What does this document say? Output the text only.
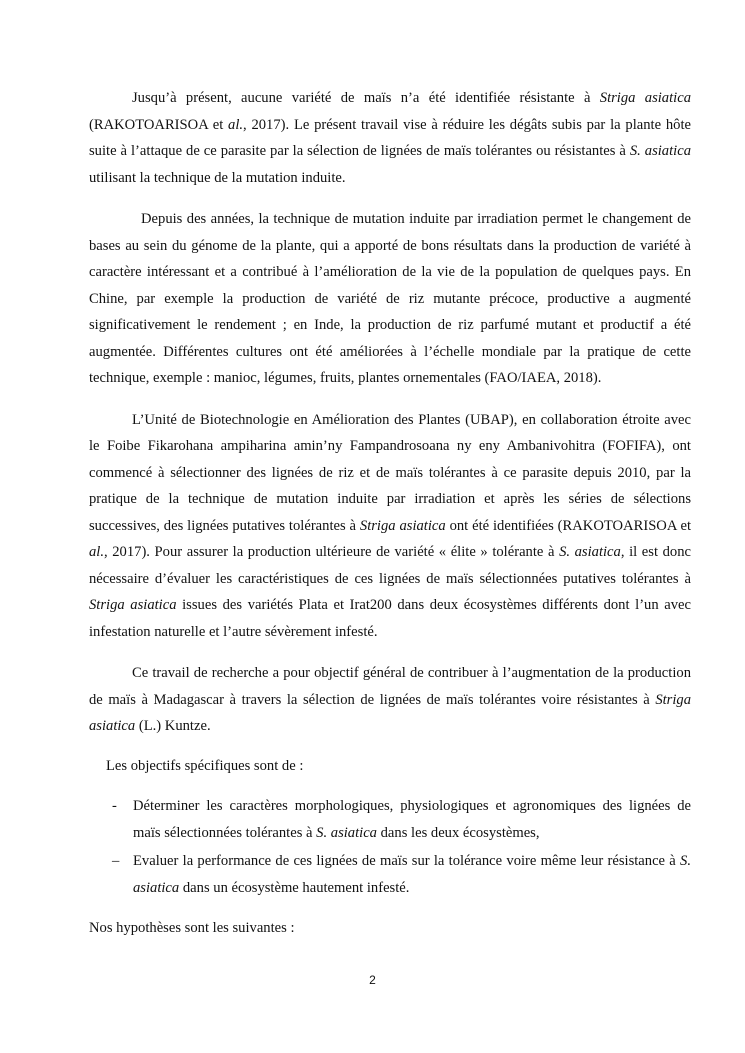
Jusqu’à présent, aucune variété de maïs n’a été identifiée résistante à Striga asiatica (RAKOTOARISOA et al., 2017). Le présent travail vise à réduire les dégâts subis par la plante hôte suite à l’attaque de ce parasite par la sélection de lignées de maïs tolérantes ou résistantes à S. asiatica utilisant la technique de la mutation induite.

Depuis des années, la technique de mutation induite par irradiation permet le changement de bases au sein du génome de la plante, qui a apporté de bons résultats dans la production de variété à caractère intéressant et a contribué à l’amélioration de la vie de la population de quelques pays. En Chine, par exemple la production de variété de riz mutante précoce, productive a augmenté significativement le rendement ; en Inde, la production de riz parfumé mutant et productif a été augmentée. Différentes cultures ont été améliorées à l’échelle mondiale par la pratique de cette technique, exemple : manioc, légumes, fruits, plantes ornementales (FAO/IAEA, 2018).

L’Unité de Biotechnologie en Amélioration des Plantes (UBAP), en collaboration étroite avec le Foibe Fikarohana ampiharina amin’ny Fampandrosoana ny eny Ambanivohitra (FOFIFA), ont commencé à sélectionner des lignées de riz et de maïs tolérantes à ce parasite depuis 2010, par la pratique de la technique de mutation induite par irradiation et après les séries de sélections successives, des lignées putatives tolérantes à Striga asiatica ont été identifiées (RAKOTOARISOA et al., 2017). Pour assurer la production ultérieure de variété « élite » tolérante à S. asiatica, il est donc nécessaire d’évaluer les caractéristiques de ces lignées de maïs sélectionnées putatives tolérantes à Striga asiatica issues des variétés Plata et Irat200 dans deux écosystèmes différents dont l’un avec infestation naturelle et l’autre sévèrement infesté.

Ce travail de recherche a pour objectif général de contribuer à l’augmentation de la production de maïs à Madagascar à travers la sélection de lignées de maïs tolérantes voire résistantes à Striga asiatica (L.) Kuntze.

Les objectifs spécifiques sont de :

- Déterminer les caractères morphologiques, physiologiques et agronomiques des lignées de maïs sélectionnées tolérantes à S. asiatica dans les deux écosystèmes,
– Evaluer la performance de ces lignées de maïs sur la tolérance voire même leur résistance à S. asiatica dans un écosystème hautement infesté.

Nos hypothèses sont les suivantes :

2
